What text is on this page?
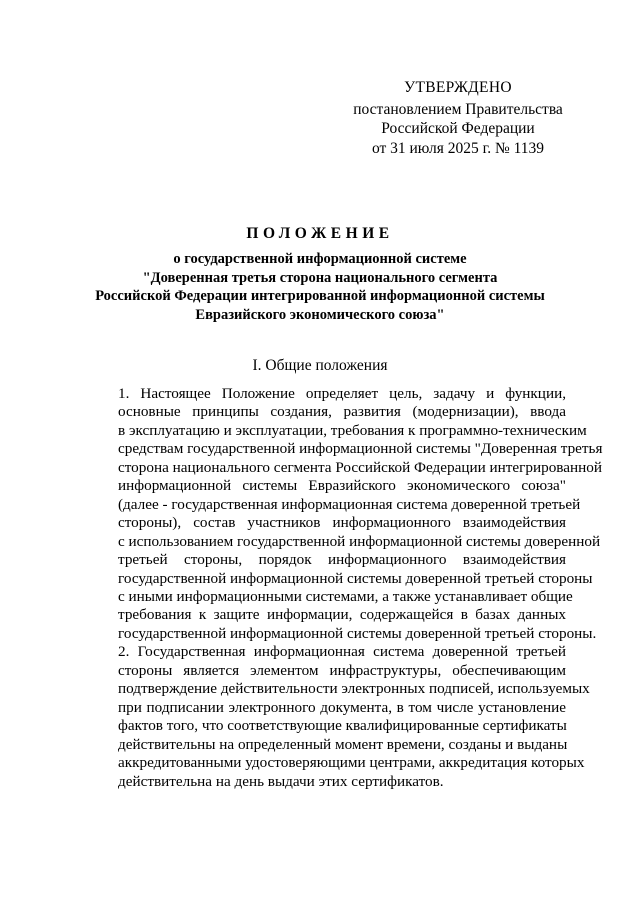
УТВЕРЖДЕНО
постановлением Правительства
Российской Федерации
от 31 июля 2025 г. № 1139
ПОЛОЖЕНИЕ
о государственной информационной системе
"Доверенная третья сторона национального сегмента
Российской Федерации интегрированной информационной системы
Евразийского экономического союза"
I. Общие положения
1. Настоящее Положение определяет цель, задачу и функции,
основные принципы создания, развития (модернизации), ввода
в эксплуатацию и эксплуатации, требования к программно-техническим
средствам государственной информационной системы "Доверенная третья
сторона национального сегмента Российской Федерации интегрированной
информационной системы Евразийского экономического союза"
(далее - государственная информационная система доверенной третьей
стороны), состав участников информационного взаимодействия
с использованием государственной информационной системы доверенной
третьей стороны, порядок информационного взаимодействия
государственной информационной системы доверенной третьей стороны
с иными информационными системами, а также устанавливает общие
требования к защите информации, содержащейся в базах данных
государственной информационной системы доверенной третьей стороны.
2. Государственная информационная система доверенной третьей
стороны является элементом инфраструктуры, обеспечивающим
подтверждение действительности электронных подписей, используемых
при подписании электронного документа, в том числе установление
фактов того, что соответствующие квалифицированные сертификаты
действительны на определенный момент времени, созданы и выданы
аккредитованными удостоверяющими центрами, аккредитация которых
действительна на день выдачи этих сертификатов.
